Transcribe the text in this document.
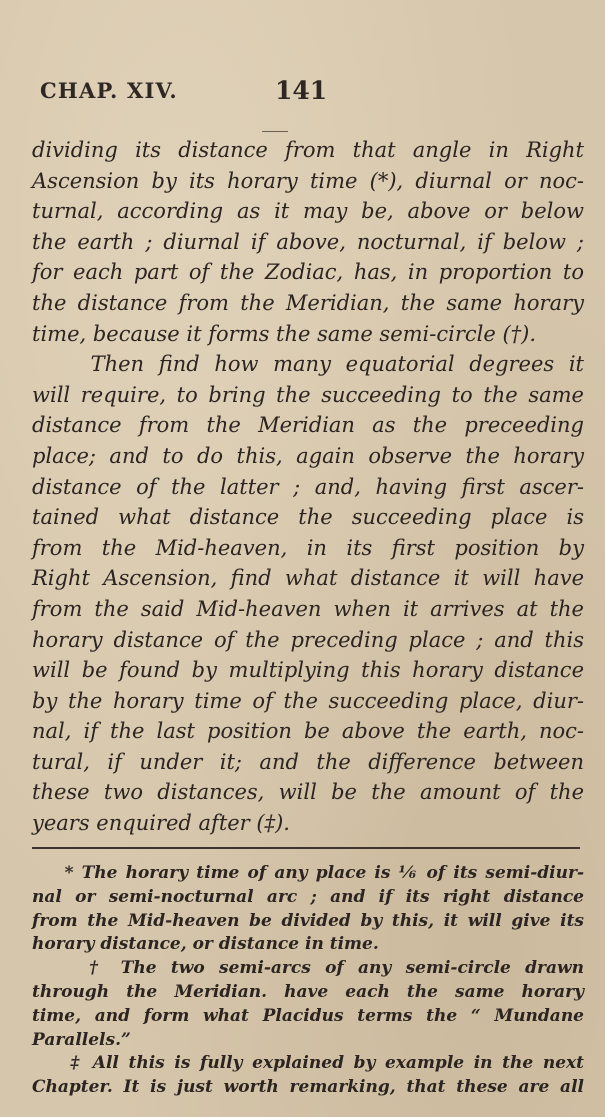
CHAP. XIV.	141
dividing its distance from that angle in Right
Ascension by its horary time (*), diurnal or noc-
turnal, according as it may be, above or below
the earth ; diurnal if above, nocturnal, if below ;
for each part of the Zodiac, has, in proportion to
the distance from the Meridian, the same horary
time, because it forms the same semi-circle (†).
Then find how many equatorial degrees it
will require, to bring the succeeding to the same
distance from the Meridian as the preceeding
place; and to do this, again observe the horary
distance of the latter ; and, having first ascer-
tained what distance the succeeding place is
from the Mid-heaven, in its first position by
Right Ascension, find what distance it will have
from the said Mid-heaven when it arrives at the
horary distance of the preceding place ; and this
will be found by multiplying this horary distance
by the horary time of the succeeding place, diur-
nal, if the last position be above the earth, noc-
tural, if under it; and the difference between
these two distances, will be the amount of the
years enquired after (‡).
* The horary time of any place is ⅙ of its semi-diur-
nal or semi-nocturnal arc ; and if its right distance
from the Mid-heaven be divided by this, it will give its
horary distance, or distance in time.
† The two semi-arcs of any semi-circle drawn
through the Meridian. have each the same horary
time, and form what Placidus terms the “ Mundane
Parallels.”
‡ All this is fully explained by example in the next
Chapter. It is just worth remarking, that these are all
